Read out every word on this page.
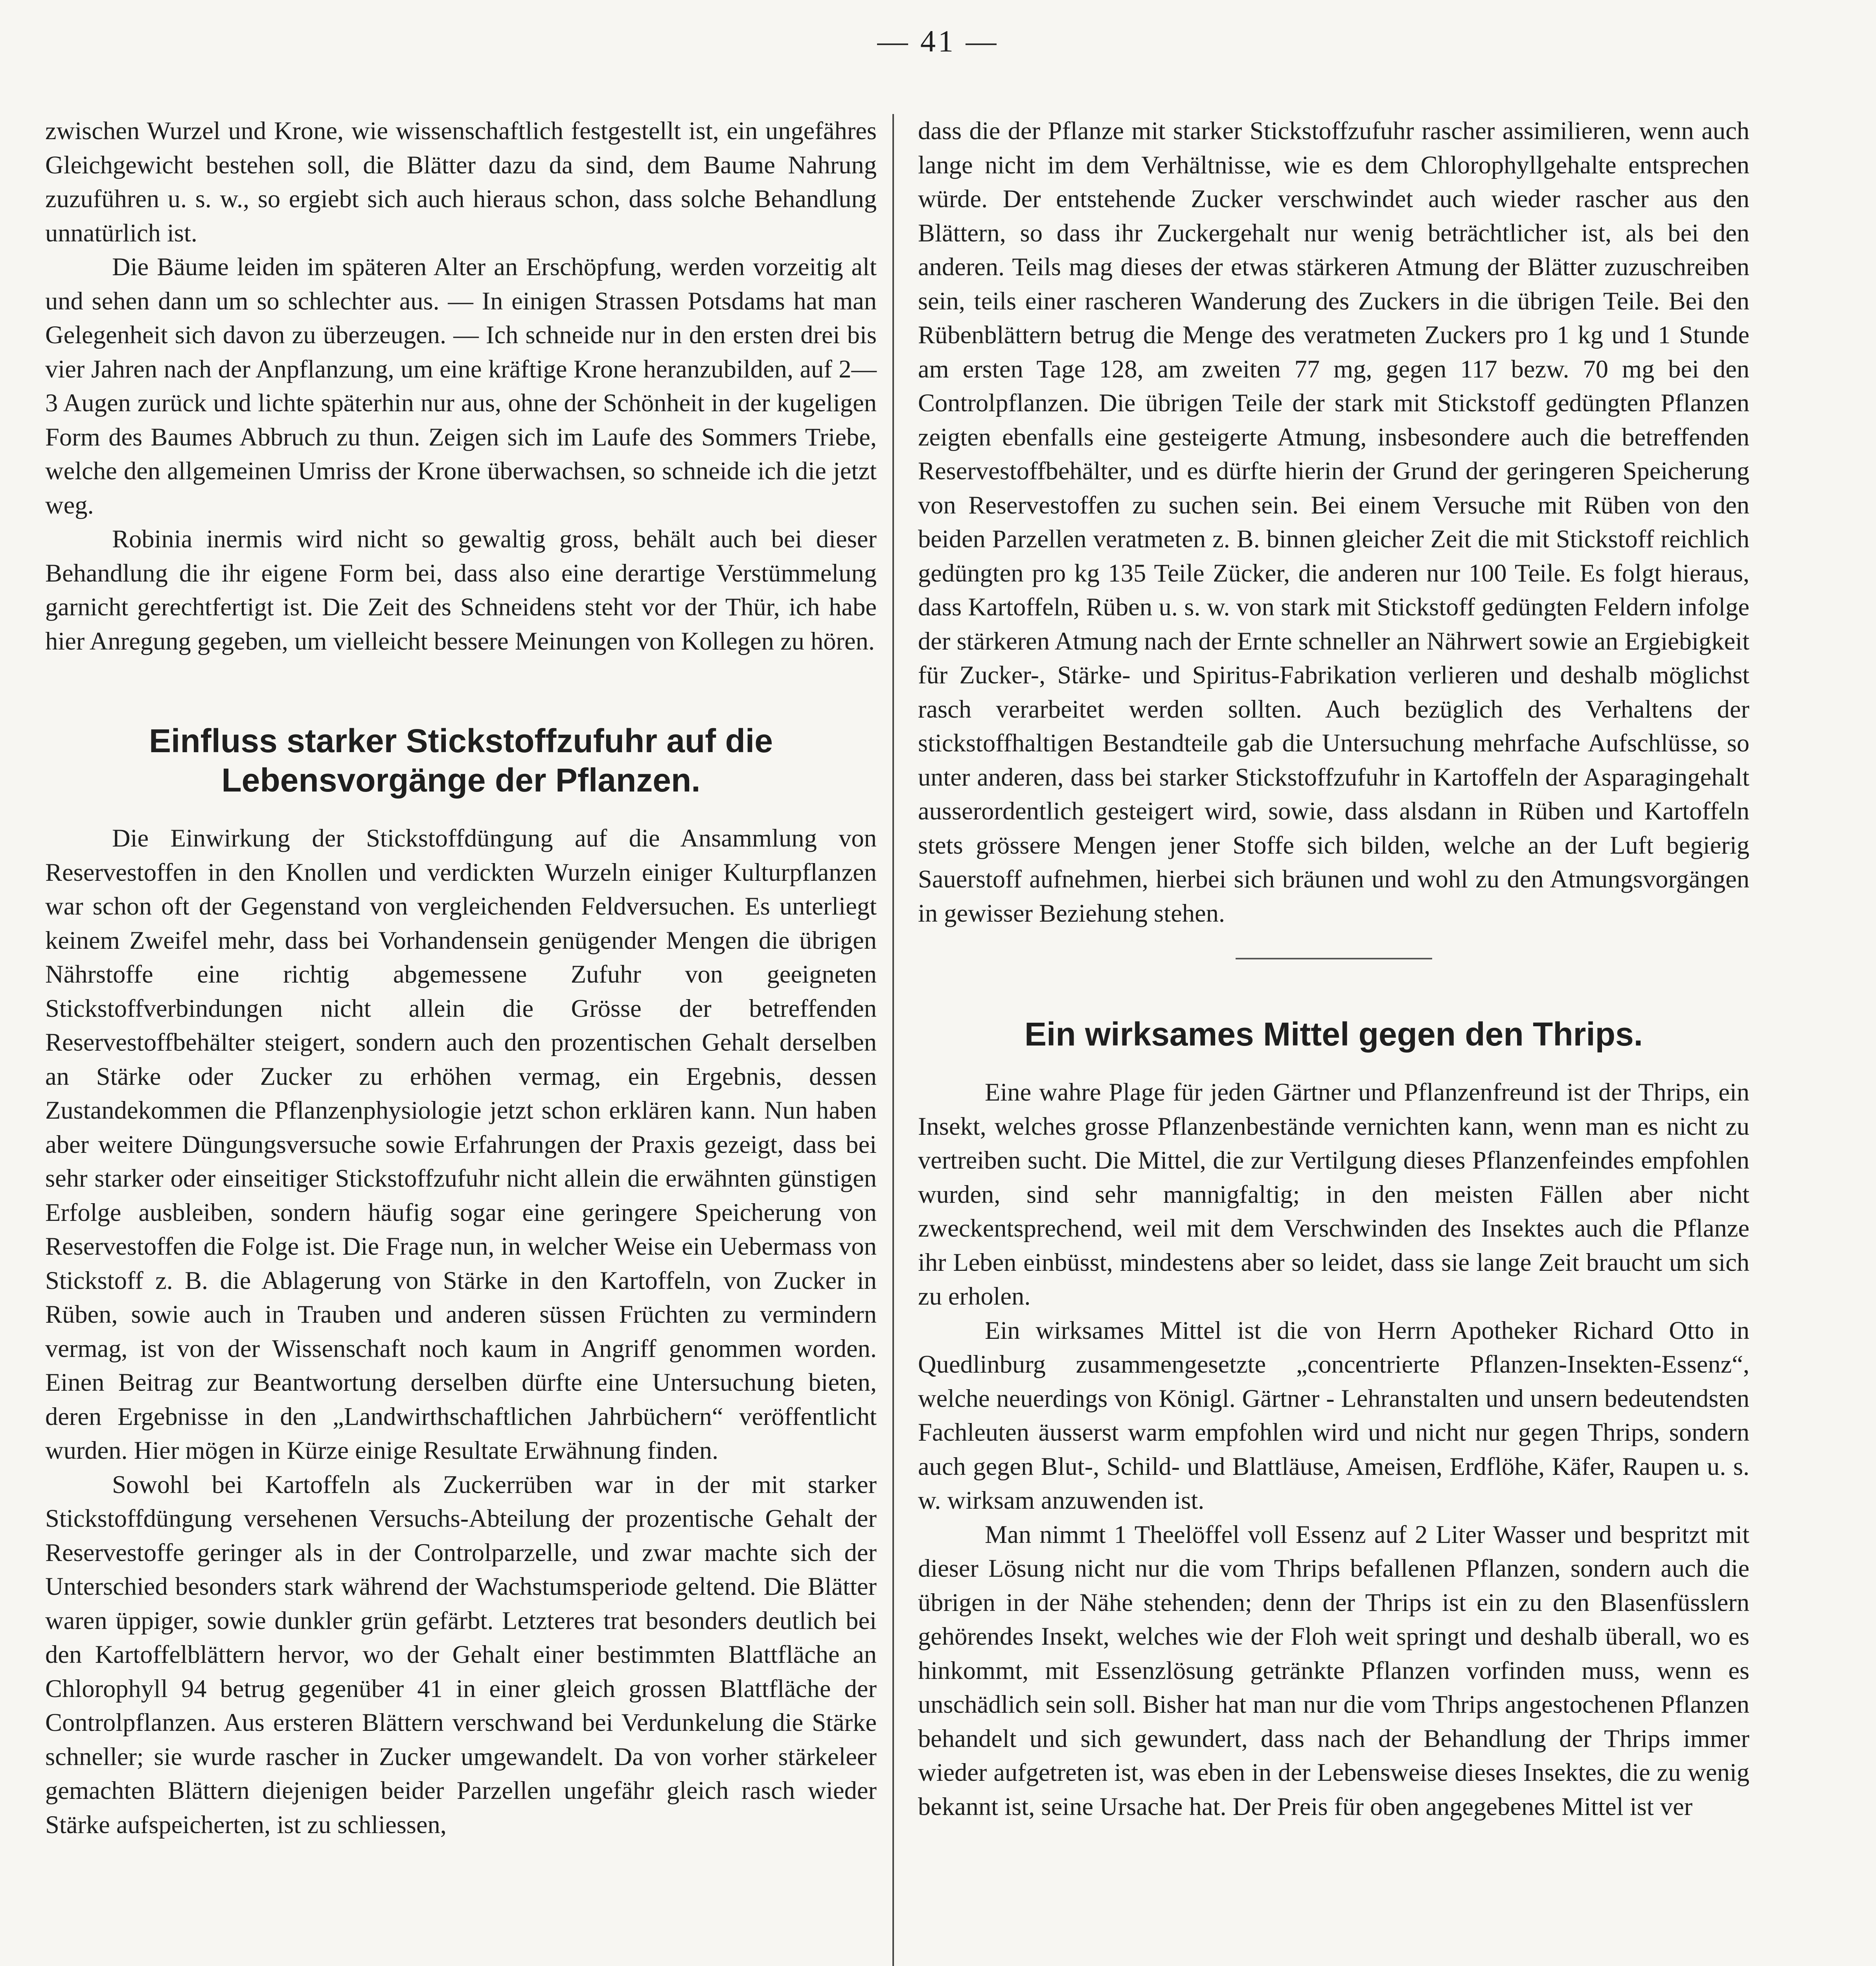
— 41 —

zwischen Wurzel und Krone, wie wissenschaftlich festgestellt ist, ein ungefähres Gleichgewicht bestehen soll, die Blätter dazu da sind, dem Baume Nahrung zuzuführen u. s. w., so ergiebt sich auch hieraus schon, dass solche Behandlung unnatürlich ist.

Die Bäume leiden im späteren Alter an Erschöpfung, werden vorzeitig alt und sehen dann um so schlechter aus. — In einigen Strassen Potsdams hat man Gelegenheit sich davon zu überzeugen. — Ich schneide nur in den ersten drei bis vier Jahren nach der Anpflanzung, um eine kräftige Krone heranzubilden, auf 2—3 Augen zurück und lichte späterhin nur aus, ohne der Schönheit in der kugeligen Form des Baumes Abbruch zu thun. Zeigen sich im Laufe des Sommers Triebe, welche den allgemeinen Umriss der Krone überwachsen, so schneide ich die jetzt weg.

Robinia inermis wird nicht so gewaltig gross, behält auch bei dieser Behandlung die ihr eigene Form bei, dass also eine derartige Verstümmelung garnicht gerechtfertigt ist. Die Zeit des Schneidens steht vor der Thür, ich habe hier Anregung gegeben, um vielleicht bessere Meinungen von Kollegen zu hören.

Einfluss starker Stickstoffzufuhr auf die Lebensvorgänge der Pflanzen.

Die Einwirkung der Stickstoffdüngung auf die Ansammlung von Reservestoffen in den Knollen und verdickten Wurzeln einiger Kulturpflanzen war schon oft der Gegenstand von vergleichenden Feldversuchen. Es unterliegt keinem Zweifel mehr, dass bei Vorhandensein genügender Mengen die übrigen Nährstoffe eine richtig abgemessene Zufuhr von geeigneten Stickstoffverbindungen nicht allein die Grösse der betreffenden Reservestoffbehälter steigert, sondern auch den prozentischen Gehalt derselben an Stärke oder Zucker zu erhöhen vermag, ein Ergebnis, dessen Zustandekommen die Pflanzenphysiologie jetzt schon erklären kann. Nun haben aber weitere Düngungsversuche sowie Erfahrungen der Praxis gezeigt, dass bei sehr starker oder einseitiger Stickstoffzufuhr nicht allein die erwähnten günstigen Erfolge ausbleiben, sondern häufig sogar eine geringere Speicherung von Reservestoffen die Folge ist. Die Frage nun, in welcher Weise ein Uebermass von Stickstoff z. B. die Ablagerung von Stärke in den Kartoffeln, von Zucker in Rüben, sowie auch in Trauben und anderen süssen Früchten zu vermindern vermag, ist von der Wissenschaft noch kaum in Angriff genommen worden. Einen Beitrag zur Beantwortung derselben dürfte eine Untersuchung bieten, deren Ergebnisse in den „Landwirthschaftlichen Jahrbüchern“ veröffentlicht wurden. Hier mögen in Kürze einige Resultate Erwähnung finden.

Sowohl bei Kartoffeln als Zuckerrüben war in der mit starker Stickstoffdüngung versehenen Versuchs-Abteilung der prozentische Gehalt der Reservestoffe geringer als in der Controlparzelle, und zwar machte sich der Unterschied besonders stark während der Wachstumsperiode geltend. Die Blätter waren üppiger, sowie dunkler grün gefärbt. Letzteres trat besonders deutlich bei den Kartoffelblättern hervor, wo der Gehalt einer bestimmten Blattfläche an Chlorophyll 94 betrug gegenüber 41 in einer gleich grossen Blattfläche der Controlpflanzen. Aus ersteren Blättern verschwand bei Verdunkelung die Stärke schneller; sie wurde rascher in Zucker umgewandelt. Da von vorher stärkeleer gemachten Blättern diejenigen beider Parzellen ungefähr gleich rasch wieder Stärke aufspeicherten, ist zu schliessen,

dass die der Pflanze mit starker Stickstoffzufuhr rascher assimilieren, wenn auch lange nicht im dem Verhältnisse, wie es dem Chlorophyllgehalte entsprechen würde. Der entstehende Zucker verschwindet auch wieder rascher aus den Blättern, so dass ihr Zuckergehalt nur wenig beträchtlicher ist, als bei den anderen. Teils mag dieses der etwas stärkeren Atmung der Blätter zuzuschreiben sein, teils einer rascheren Wanderung des Zuckers in die übrigen Teile. Bei den Rübenblättern betrug die Menge des veratmeten Zuckers pro 1 kg und 1 Stunde am ersten Tage 128, am zweiten 77 mg, gegen 117 bezw. 70 mg bei den Controlpflanzen. Die übrigen Teile der stark mit Stickstoff gedüngten Pflanzen zeigten ebenfalls eine gesteigerte Atmung, insbesondere auch die betreffenden Reservestoffbehälter, und es dürfte hierin der Grund der geringeren Speicherung von Reservestoffen zu suchen sein. Bei einem Versuche mit Rüben von den beiden Parzellen veratmeten z. B. binnen gleicher Zeit die mit Stickstoff reichlich gedüngten pro kg 135 Teile Zücker, die anderen nur 100 Teile. Es folgt hieraus, dass Kartoffeln, Rüben u. s. w. von stark mit Stickstoff gedüngten Feldern infolge der stärkeren Atmung nach der Ernte schneller an Nährwert sowie an Ergiebigkeit für Zucker-, Stärke- und Spiritus-Fabrikation verlieren und deshalb möglichst rasch verarbeitet werden sollten. Auch bezüglich des Verhaltens der stickstoffhaltigen Bestandteile gab die Untersuchung mehrfache Aufschlüsse, so unter anderen, dass bei starker Stickstoffzufuhr in Kartoffeln der Asparagingehalt ausserordentlich gesteigert wird, sowie, dass alsdann in Rüben und Kartoffeln stets grössere Mengen jener Stoffe sich bilden, welche an der Luft begierig Sauerstoff aufnehmen, hierbei sich bräunen und wohl zu den Atmungsvorgängen in gewisser Beziehung stehen.

Ein wirksames Mittel gegen den Thrips.

Eine wahre Plage für jeden Gärtner und Pflanzenfreund ist der Thrips, ein Insekt, welches grosse Pflanzenbestände vernichten kann, wenn man es nicht zu vertreiben sucht. Die Mittel, die zur Vertilgung dieses Pflanzenfeindes empfohlen wurden, sind sehr mannigfaltig; in den meisten Fällen aber nicht zweckentsprechend, weil mit dem Verschwinden des Insektes auch die Pflanze ihr Leben einbüsst, mindestens aber so leidet, dass sie lange Zeit braucht um sich zu erholen.

Ein wirksames Mittel ist die von Herrn Apotheker Richard Otto in Quedlinburg zusammengesetzte „concentrierte Pflanzen-Insekten-Essenz“, welche neuerdings von Königl. Gärtner - Lehranstalten und unsern bedeutendsten Fachleuten äusserst warm empfohlen wird und nicht nur gegen Thrips, sondern auch gegen Blut-, Schild- und Blattläuse, Ameisen, Erdflöhe, Käfer, Raupen u. s. w. wirksam anzuwenden ist.

Man nimmt 1 Theelöffel voll Essenz auf 2 Liter Wasser und bespritzt mit dieser Lösung nicht nur die vom Thrips befallenen Pflanzen, sondern auch die übrigen in der Nähe stehenden; denn der Thrips ist ein zu den Blasenfüsslern gehörendes Insekt, welches wie der Floh weit springt und deshalb überall, wo es hinkommt, mit Essenzlösung getränkte Pflanzen vorfinden muss, wenn es unschädlich sein soll. Bisher hat man nur die vom Thrips angestochenen Pflanzen behandelt und sich gewundert, dass nach der Behandlung der Thrips immer wieder aufgetreten ist, was eben in der Lebensweise dieses Insektes, die zu wenig bekannt ist, seine Ursache hat. Der Preis für oben angegebenes Mittel ist ver
